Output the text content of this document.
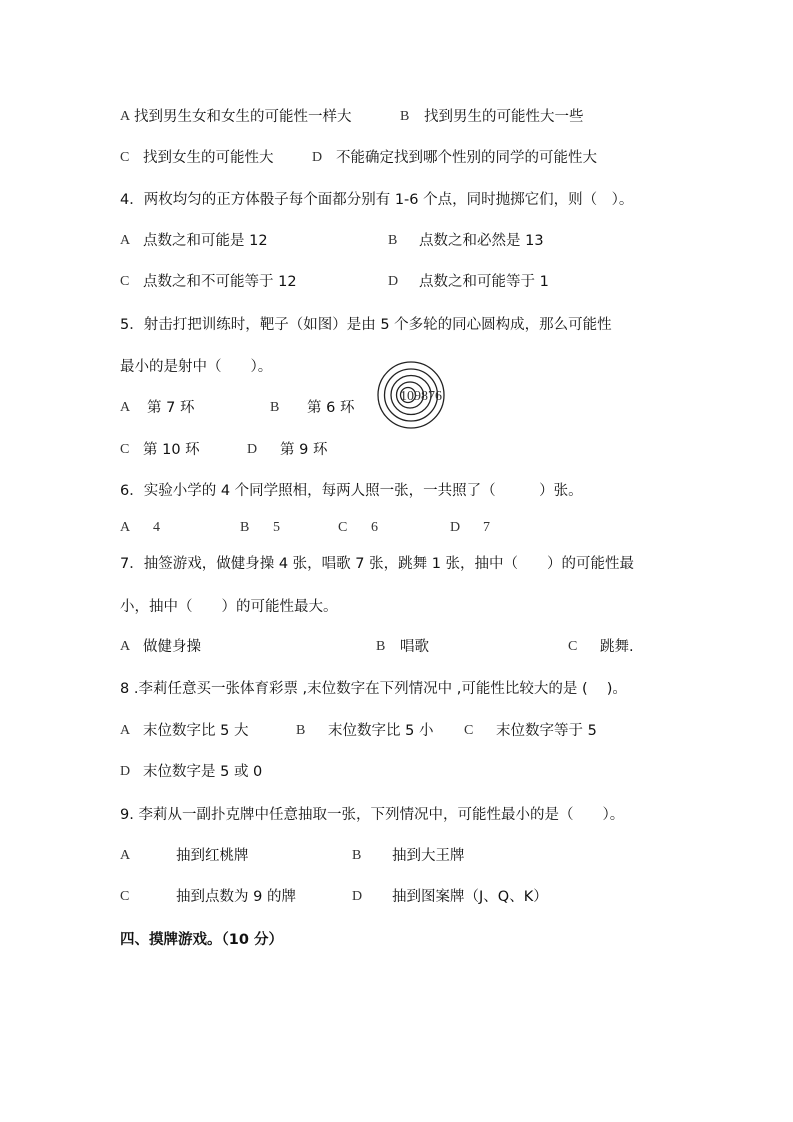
A 找到男生女和女生的可能性一样大	B 找到男生的可能性大一些
C 找到女生的可能性大	D 不能确定找到哪个性别的同学的可能性大
4．两枚均匀的正方体骰子每个面都分别有 1-6 个点，同时抛掷它们，则（　）。
A 点数之和可能是 12	B 点数之和必然是 13
C 点数之和不可能等于 12	D 点数之和可能等于 1
5．射击打把训练时，靶子（如图）是由 5 个多轮的同心圆构成，那么可能性
最小的是射中（　　）。
109876
A 第 7 环	B 第 6 环
C 第 10 环	D 第 9 环
6．实验小学的 4 个同学照相，每两人照一张，一共照了（　　　）张。
A 4	B 5	C 6	D 7
7．抽签游戏，做健身操 4 张，唱歌 7 张，跳舞 1 张，抽中（　　）的可能性最
小，抽中（　　）的可能性最大。
A 做健身操	B 唱歌	C 跳舞.
8 .李莉任意买一张体育彩票 ,末位数字在下列情况中 ,可能性比较大的是 (　 )。
A 末位数字比 5 大	B 末位数字比 5 小 C 末位数字等于 5
D 末位数字是 5 或 0
9. 李莉从一副扑克牌中任意抽取一张，下列情况中，可能性最小的是（　　）。
A	抽到红桃牌	B 抽到大王牌
C	抽到点数为 9 的牌	D 抽到图案牌（J、Q、K）
四、摸牌游戏。（10 分）
